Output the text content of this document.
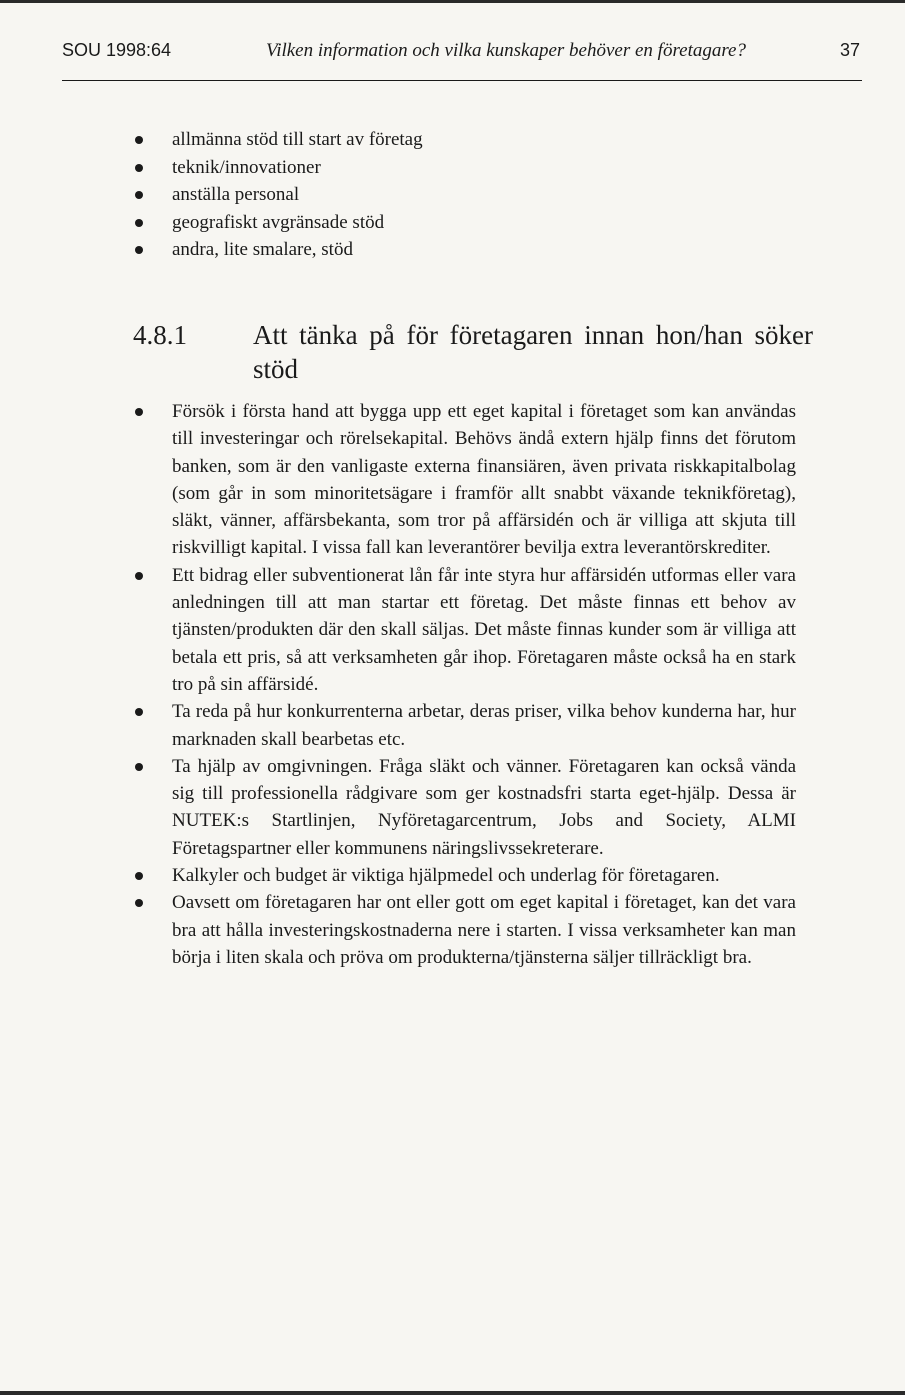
SOU 1998:64	Vilken information och vilka kunskaper behöver en företagare?	37
allmänna stöd till start av företag
teknik/innovationer
anställa personal
geografiskt avgränsade stöd
andra, lite smalare, stöd
4.8.1 Att tänka på för företagaren innan hon/han söker stöd
Försök i första hand att bygga upp ett eget kapital i företaget som kan användas till investeringar och rörelsekapital. Behövs ändå extern hjälp finns det förutom banken, som är den vanligaste externa finansiären, även privata riskkapitalbolag (som går in som minoritetsägare i framför allt snabbt växande teknikföretag), släkt, vänner, affärsbekanta, som tror på affärsidén och är villiga att skjuta till riskvilligt kapital. I vissa fall kan leverantörer bevilja extra leverantörskrediter.
Ett bidrag eller subventionerat lån får inte styra hur affärsidén utformas eller vara anledningen till att man startar ett företag. Det måste finnas ett behov av tjänsten/produkten där den skall säljas. Det måste finnas kunder som är villiga att betala ett pris, så att verksamheten går ihop. Företagaren måste också ha en stark tro på sin affärsidé.
Ta reda på hur konkurrenterna arbetar, deras priser, vilka behov kunderna har, hur marknaden skall bearbetas etc.
Ta hjälp av omgivningen. Fråga släkt och vänner. Företagaren kan också vända sig till professionella rådgivare som ger kostnadsfri starta eget-hjälp. Dessa är NUTEK:s Startlinjen, Nyföretagarcentrum, Jobs and Society, ALMI Företagspartner eller kommunens näringslivssekreterare.
Kalkyler och budget är viktiga hjälpmedel och underlag för företagaren.
Oavsett om företagaren har ont eller gott om eget kapital i företaget, kan det vara bra att hålla investeringskostnaderna nere i starten. I vissa verksamheter kan man börja i liten skala och pröva om produkterna/tjänsterna säljer tillräckligt bra.
